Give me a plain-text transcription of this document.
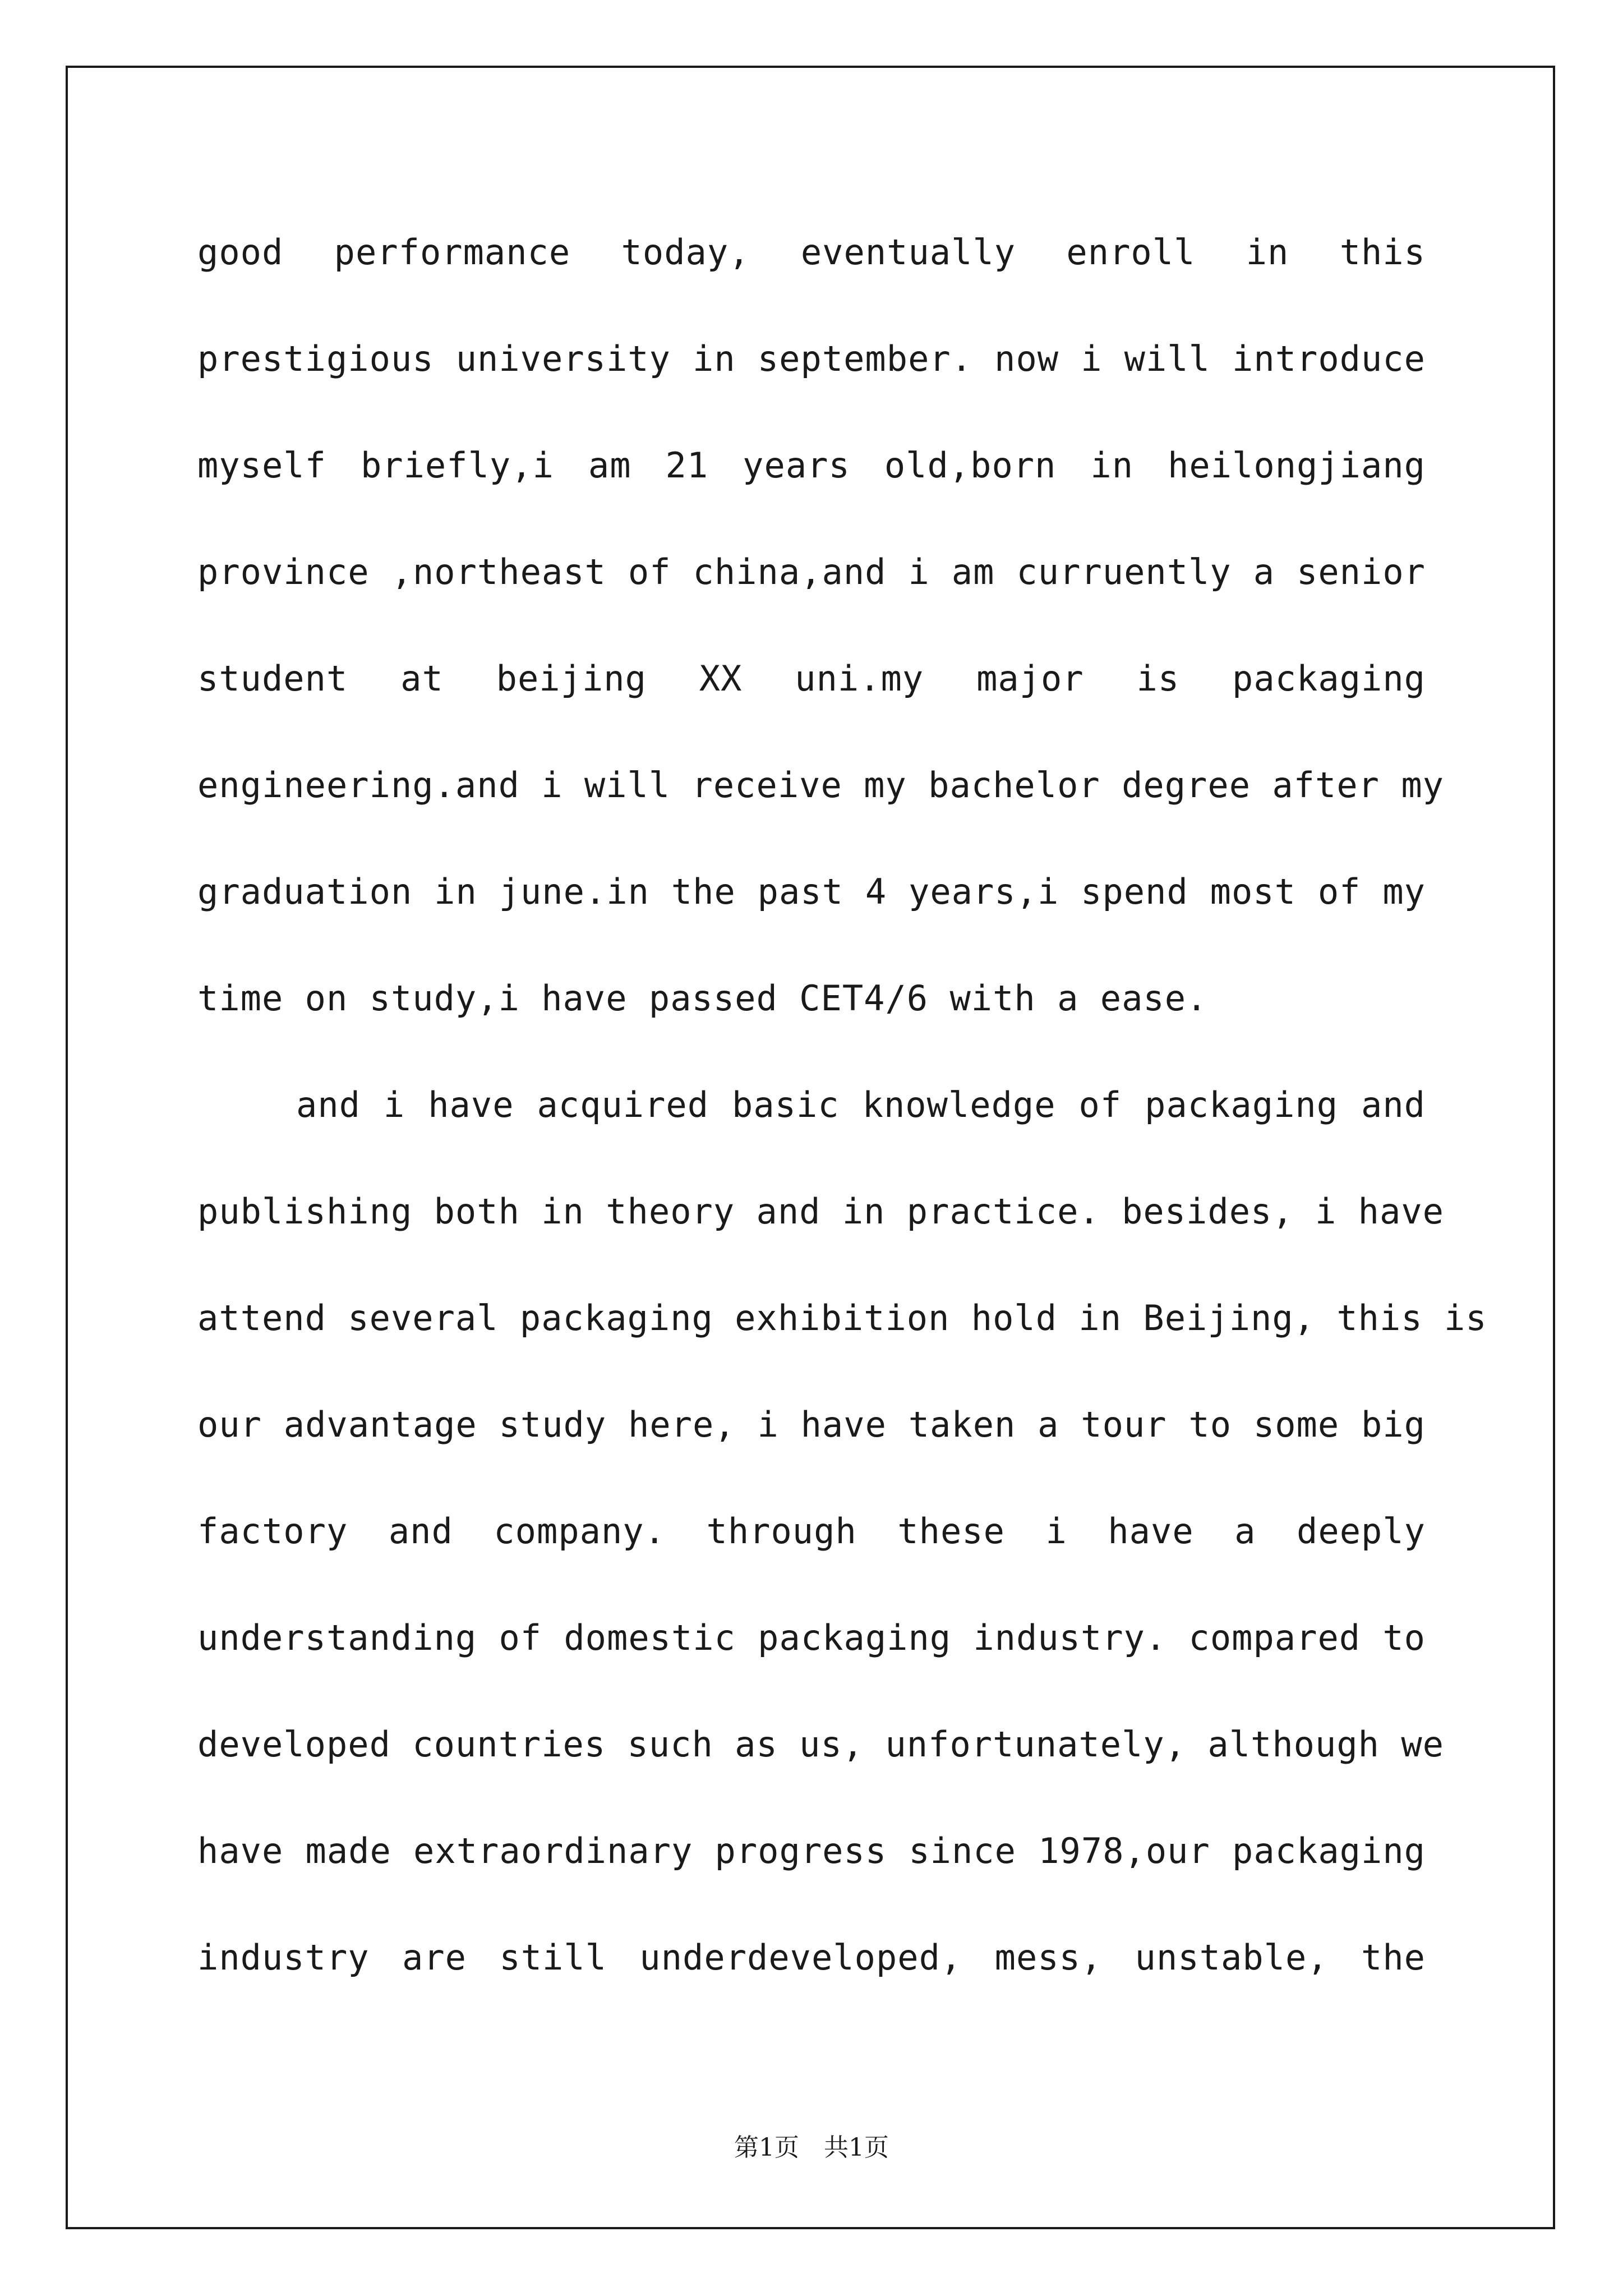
good performance today, eventually enroll in this
prestigious university in september. now i will introduce
myself briefly,i am 21 years old,born in heilongjiang
province ,northeast of china,and i am curruently a senior
student at beijing XX uni.my major is packaging
engineering.and i will receive my bachelor degree after my
graduation in june.in the past 4 years,i spend most of my
time on study,i have passed CET4/6 with a ease.
and i have acquired basic knowledge of packaging and
publishing both in theory and in practice. besides, i have
attend several packaging exhibition hold in Beijing, this is
our advantage study here, i have taken a tour to some big
factory and company. through these i have a deeply
understanding of domestic packaging industry. compared to
developed countries such as us, unfortunately, although we
have made extraordinary progress since 1978,our packaging
industry are still underdeveloped, mess, unstable, the
第1页　共1页
